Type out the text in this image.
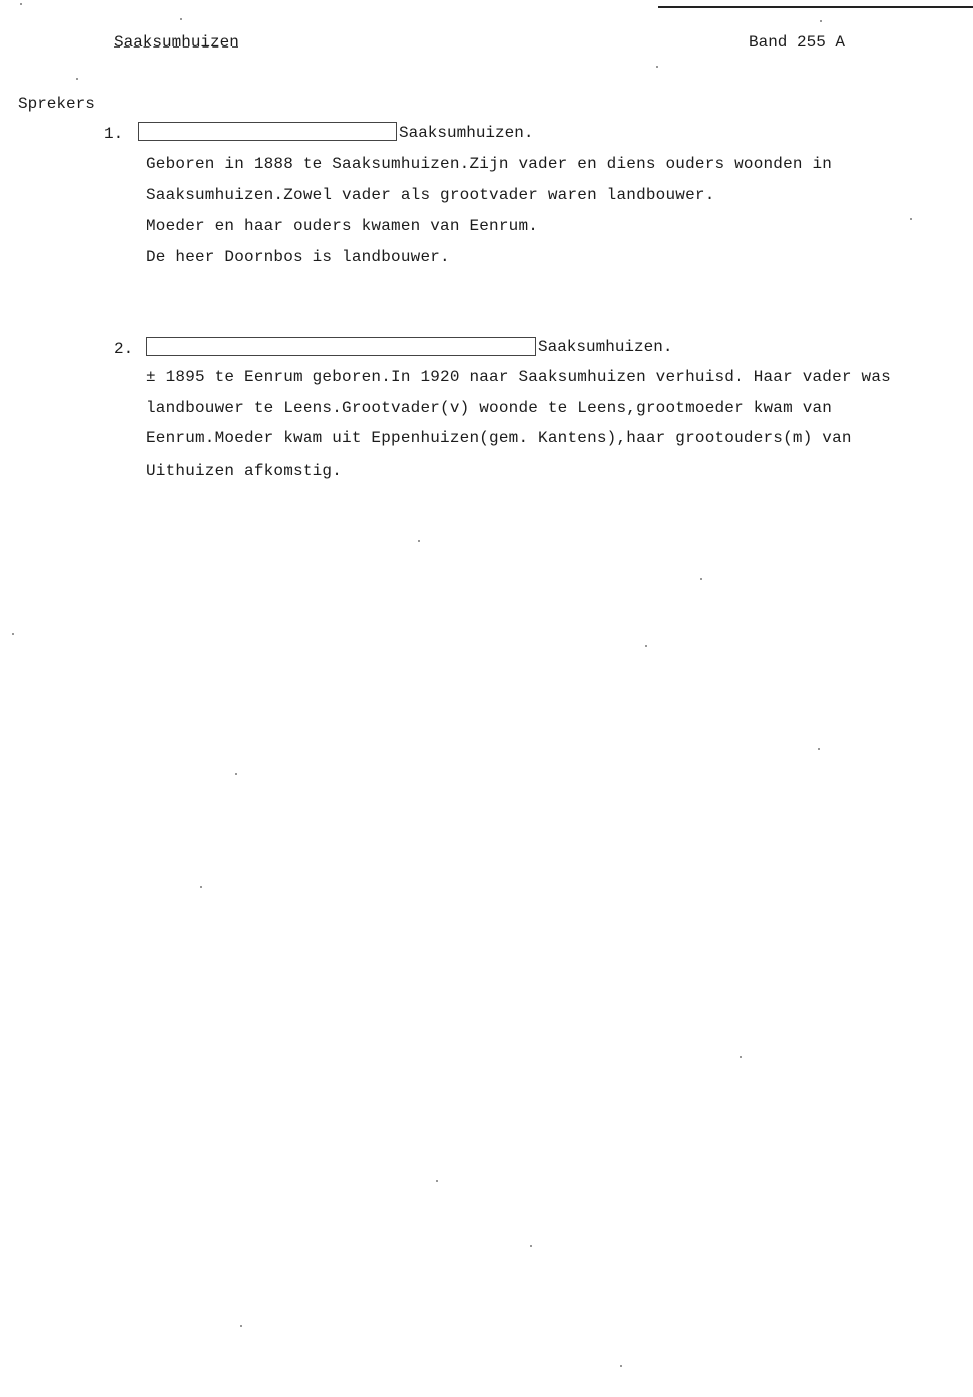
Saaksumhuizen	Band 255 A
Sprekers
1.	Saaksumhuizen.
Geboren in 1888 te Saaksumhuizen.Zijn vader en diens ouders woonden in
Saaksumhuizen.Zowel vader als grootvader waren landbouwer.
Moeder en haar ouders kwamen van Eenrum.
De heer Doornbos is landbouwer.
2.	Saaksumhuizen.
± 1895 te Eenrum geboren.In 1920 naar Saaksumhuizen verhuisd. Haar vader was
landbouwer te Leens.Grootvader(v) woonde te Leens,grootmoeder kwam van
Eenrum.Moeder kwam uit Eppenhuizen(gem. Kantens),haar grootouders(m) van
Uithuizen afkomstig.
